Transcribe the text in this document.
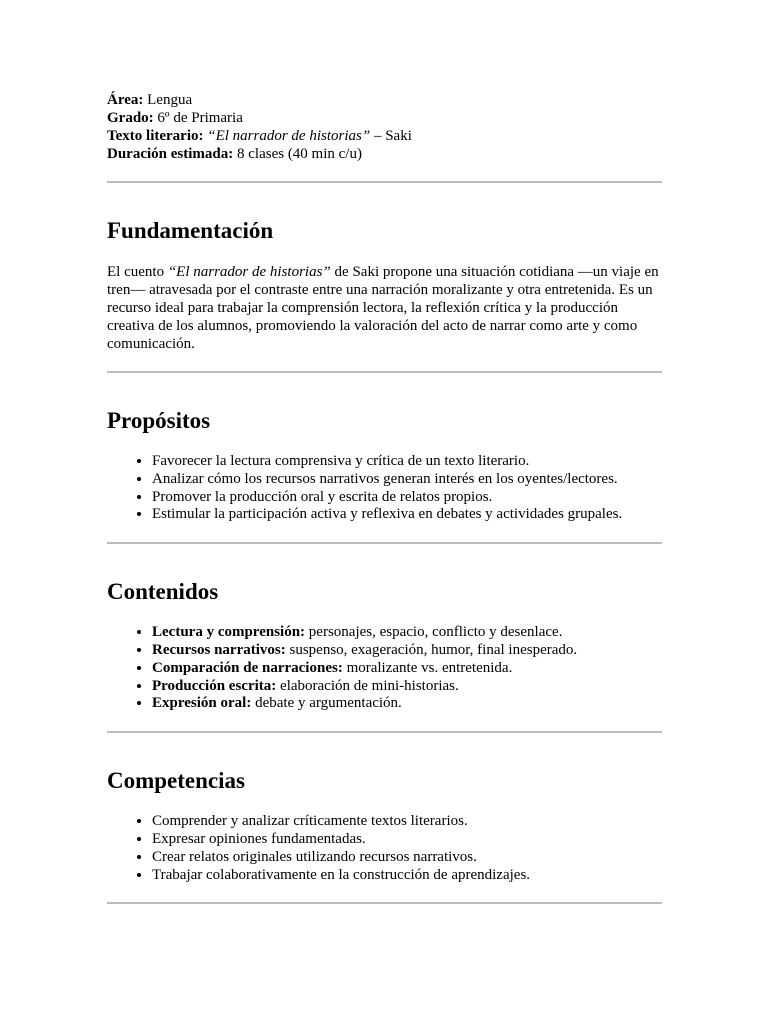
Área: Lengua
Grado: 6º de Primaria
Texto literario: “El narrador de historias” – Saki
Duración estimada: 8 clases (40 min c/u)
Fundamentación

El cuento “El narrador de historias” de Saki propone una situación cotidiana —un viaje en tren— atravesada por el contraste entre una narración moralizante y otra entretenida. Es un recurso ideal para trabajar la comprensión lectora, la reflexión crítica y la producción creativa de los alumnos, promoviendo la valoración del acto de narrar como arte y como comunicación.

Propósitos
• Favorecer la lectura comprensiva y crítica de un texto literario.
• Analizar cómo los recursos narrativos generan interés en los oyentes/lectores.
• Promover la producción oral y escrita de relatos propios.
• Estimular la participación activa y reflexiva en debates y actividades grupales.
Contenidos
• Lectura y comprensión: personajes, espacio, conflicto y desenlace.
• Recursos narrativos: suspenso, exageración, humor, final inesperado.
• Comparación de narraciones: moralizante vs. entretenida.
• Producción escrita: elaboración de mini-historias.
• Expresión oral: debate y argumentación.
Competencias
• Comprender y analizar críticamente textos literarios.
• Expresar opiniones fundamentadas.
• Crear relatos originales utilizando recursos narrativos.
• Trabajar colaborativamente en la construcción de aprendizajes.
